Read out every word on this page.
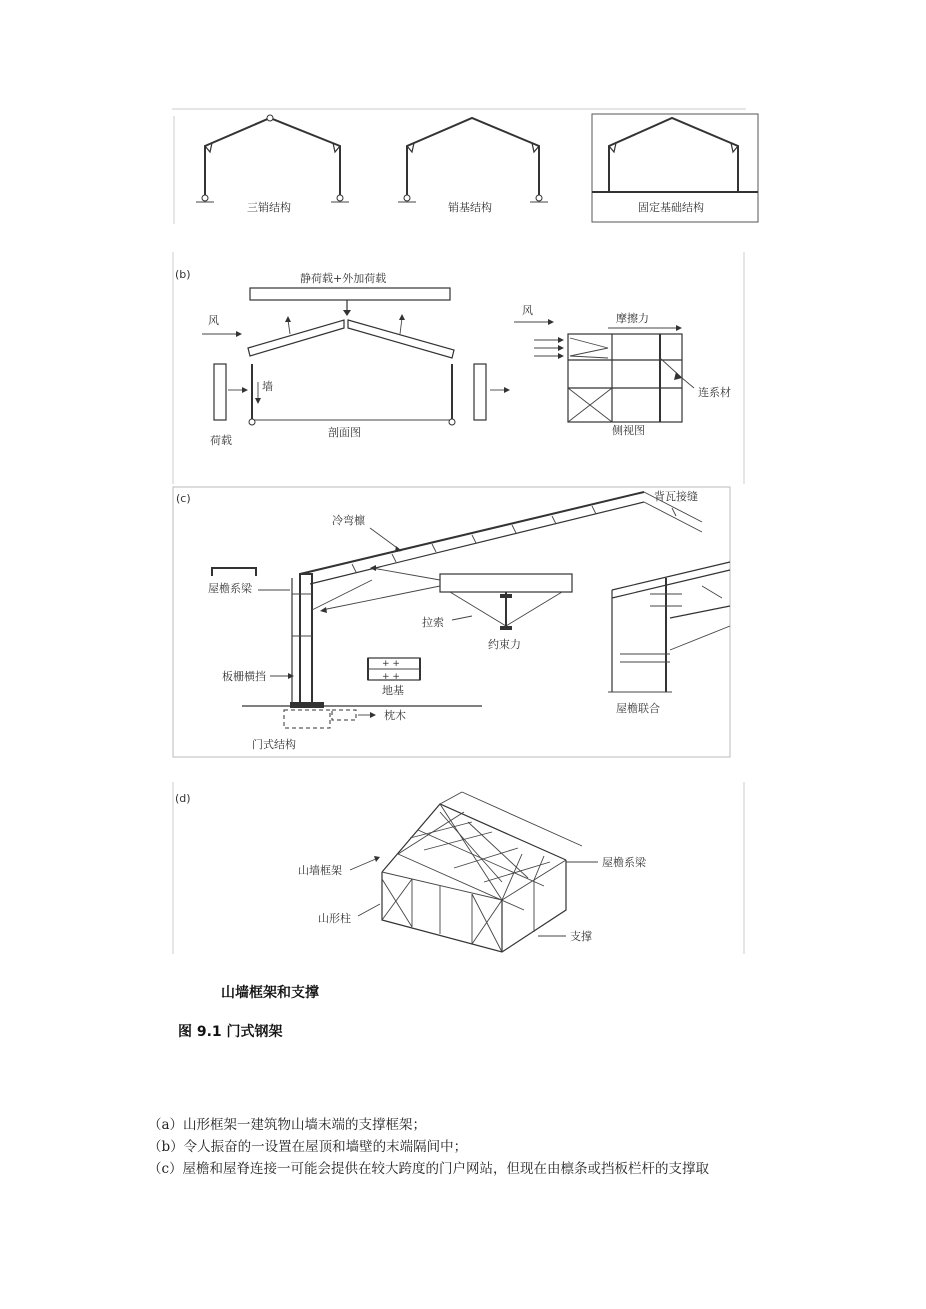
三销结构	销基结构	固定基础结构
(b)	静荷载+外加荷载
风
墙
荷载
剖面图
风
摩擦力
连系材
侧视图
(c)	背瓦接缝
冷弯檩
屋檐系梁
拉索
约束力
板栅横挡
+ +
+ +
地基
枕木
门式结构
屋檐联合
(d)
山墙框架
屋檐系梁
山形柱
支撑
山墙框架和支撑
图 9.1 门式钢架
（a）山形框架一建筑物山墙末端的支撑框架；
（b）令人振奋的一设置在屋顶和墙壁的末端隔间中；
（c）屋檐和屋脊连接一可能会提供在较大跨度的门户网站，但现在由檩条或挡板栏杆的支撑取
